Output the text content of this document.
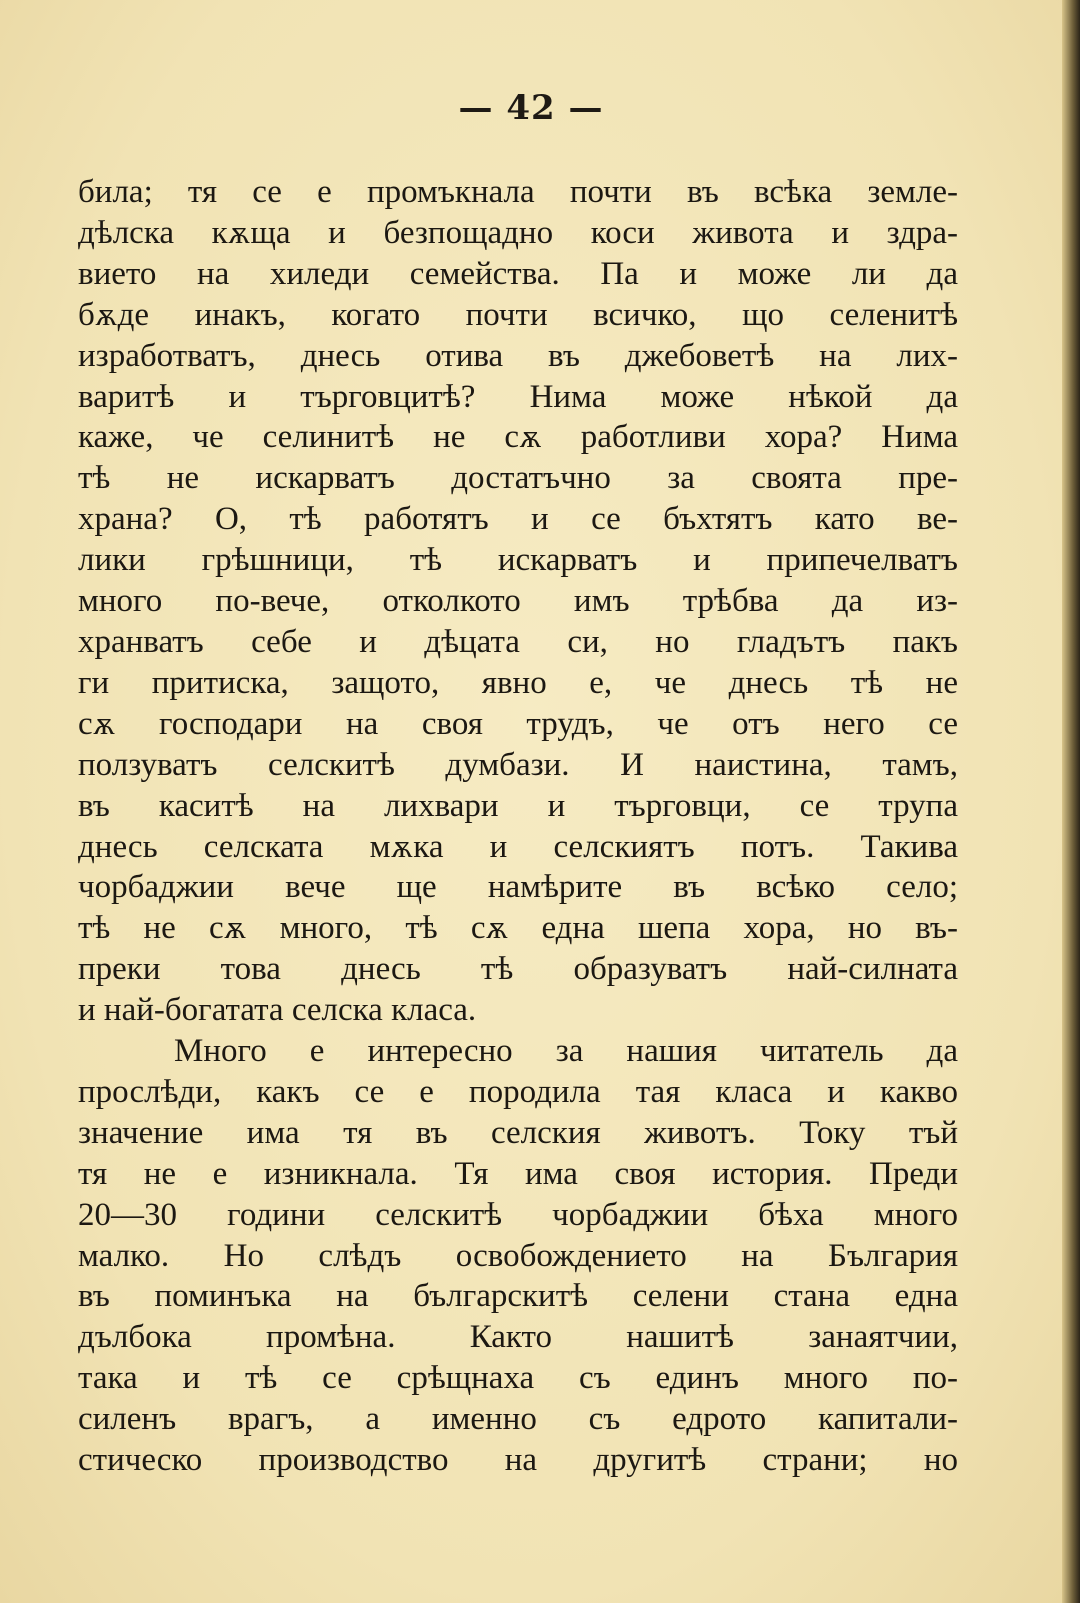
— 42 —
била; тя се е промъкнала почти въ всѣка земле-
дѣлска кѫща и безпощадно коси живота и здра-
вието на хиледи семейства. Па и може ли да
бѫде инакъ, когато почти всичко, що селенитѣ
изработватъ, днесь отива въ джебоветѣ на лих-
варитѣ и търговцитѣ? Нима може нѣкой да
каже, че селинитѣ не сѫ работливи хора? Нима
тѣ не искарватъ достатъчно за своята пре-
храна? О, тѣ работятъ и се бъхтятъ като ве-
лики грѣшници, тѣ искарватъ и припечелватъ
много по-вече, отколкото имъ трѣбва да из-
хранватъ себе и дѣцата си, но гладътъ пакъ
ги притиска, защото, явно е, че днесь тѣ не
сѫ господари на своя трудъ, че отъ него се
ползуватъ селскитѣ думбази. И наистина, тамъ,
въ каситѣ на лихвари и търговци, се трупа
днесь селската мѫка и селскиятъ потъ. Такива
чорбаджии вече ще намѣрите въ всѣко село;
тѣ не сѫ много, тѣ сѫ една шепа хора, но въ-
преки това днесь тѣ образуватъ най-силната
и най-богатата селска класа.
Много е интересно за нашия читатель да
прослѣди, какъ се е породила тая класа и какво
значение има тя въ селския животъ. Току тъй
тя не е изникнала. Тя има своя история. Преди
20—30 години селскитѣ чорбаджии бѣха много
малко. Но слѣдъ освобождението на България
въ поминъка на българскитѣ селени стана една
дълбока промѣна. Както нашитѣ занаятчии,
така и тѣ се срѣщнаха съ единъ много по-
силенъ врагъ, а именно съ едрото капитали-
стическо производство на другитѣ страни; но
